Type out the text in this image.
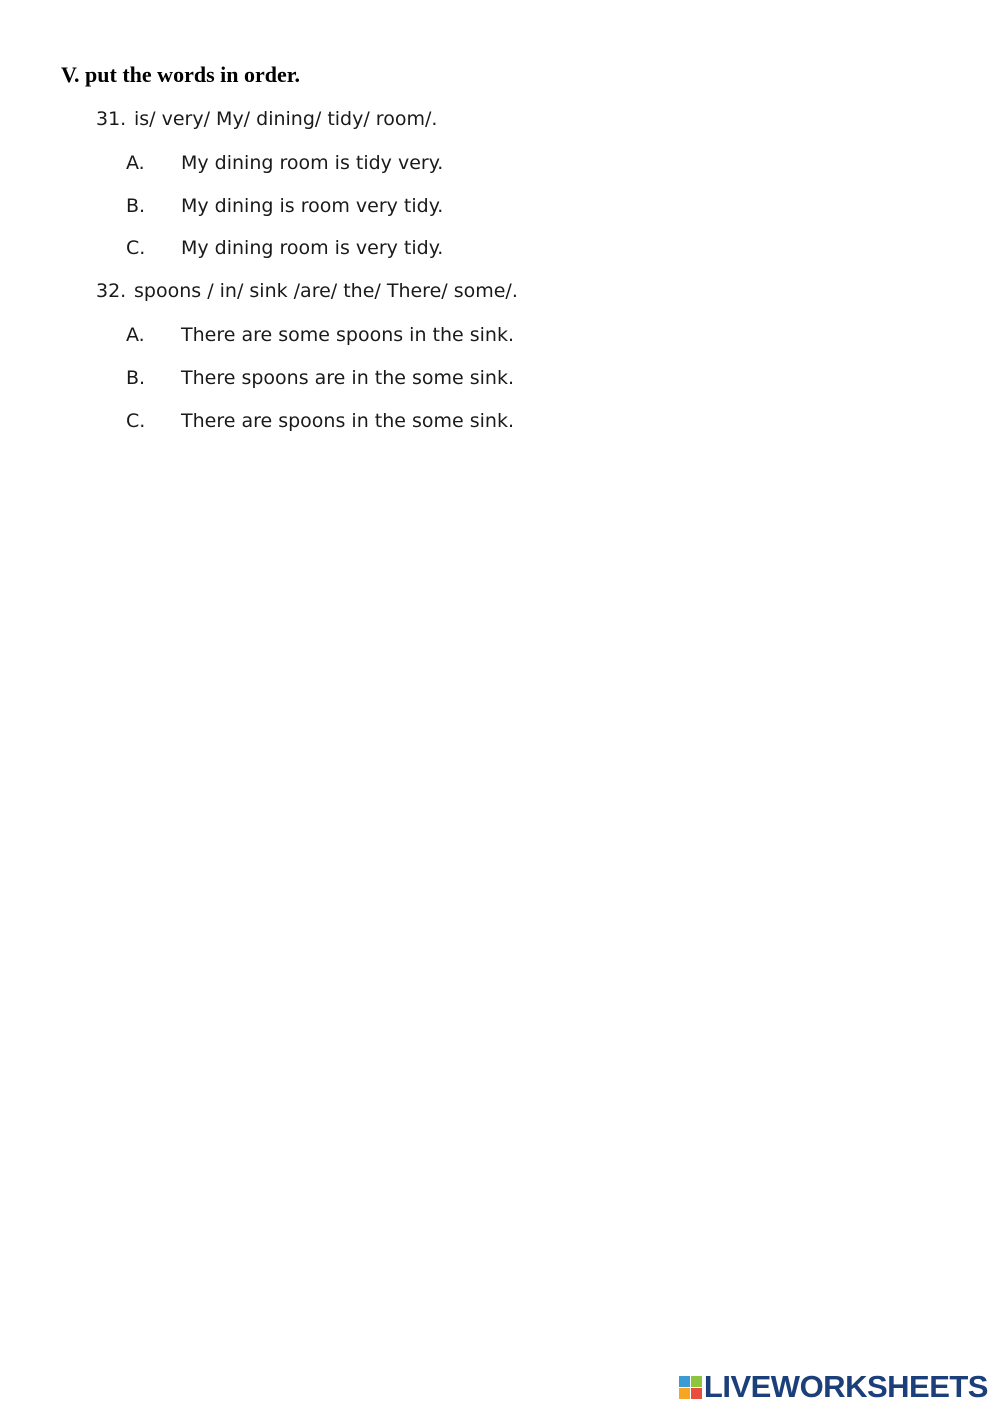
V. put the words in order.
31. is/ very/ My/ dining/ tidy/ room/.
A. My dining room is tidy very.
B. My dining is room very tidy.
C. My dining room is very tidy.
32. spoons / in/ sink /are/ the/ There/ some/.
A. There are some spoons in the sink.
B. There spoons are in the some sink.
C. There are spoons in the some sink.
LIVEWORKSHEETS
